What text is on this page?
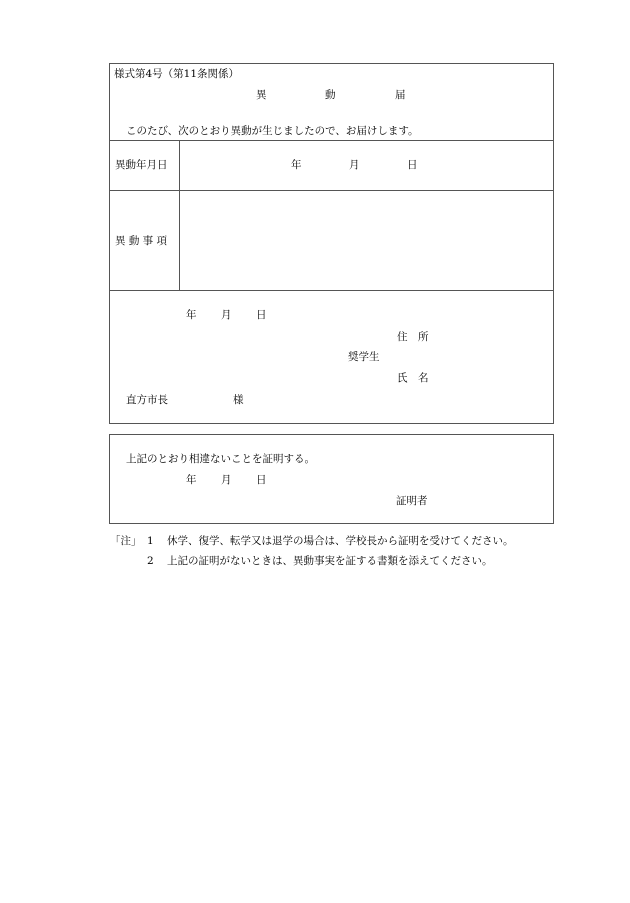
様式第4号（第11条関係）
異	動	届
このたび、次のとおり異動が生じましたので、お届けします。
異動年月日	年	月	日
異 動 事 項
年 月 日
住　所
奨学生
氏　名
直方市長	様
上記のとおり相違ないことを証明する。
年 月 日
証明者
「注」 1 休学、復学、転学又は退学の場合は、学校長から証明を受けてください。
2 上記の証明がないときは、異動事実を証する書類を添えてください。
